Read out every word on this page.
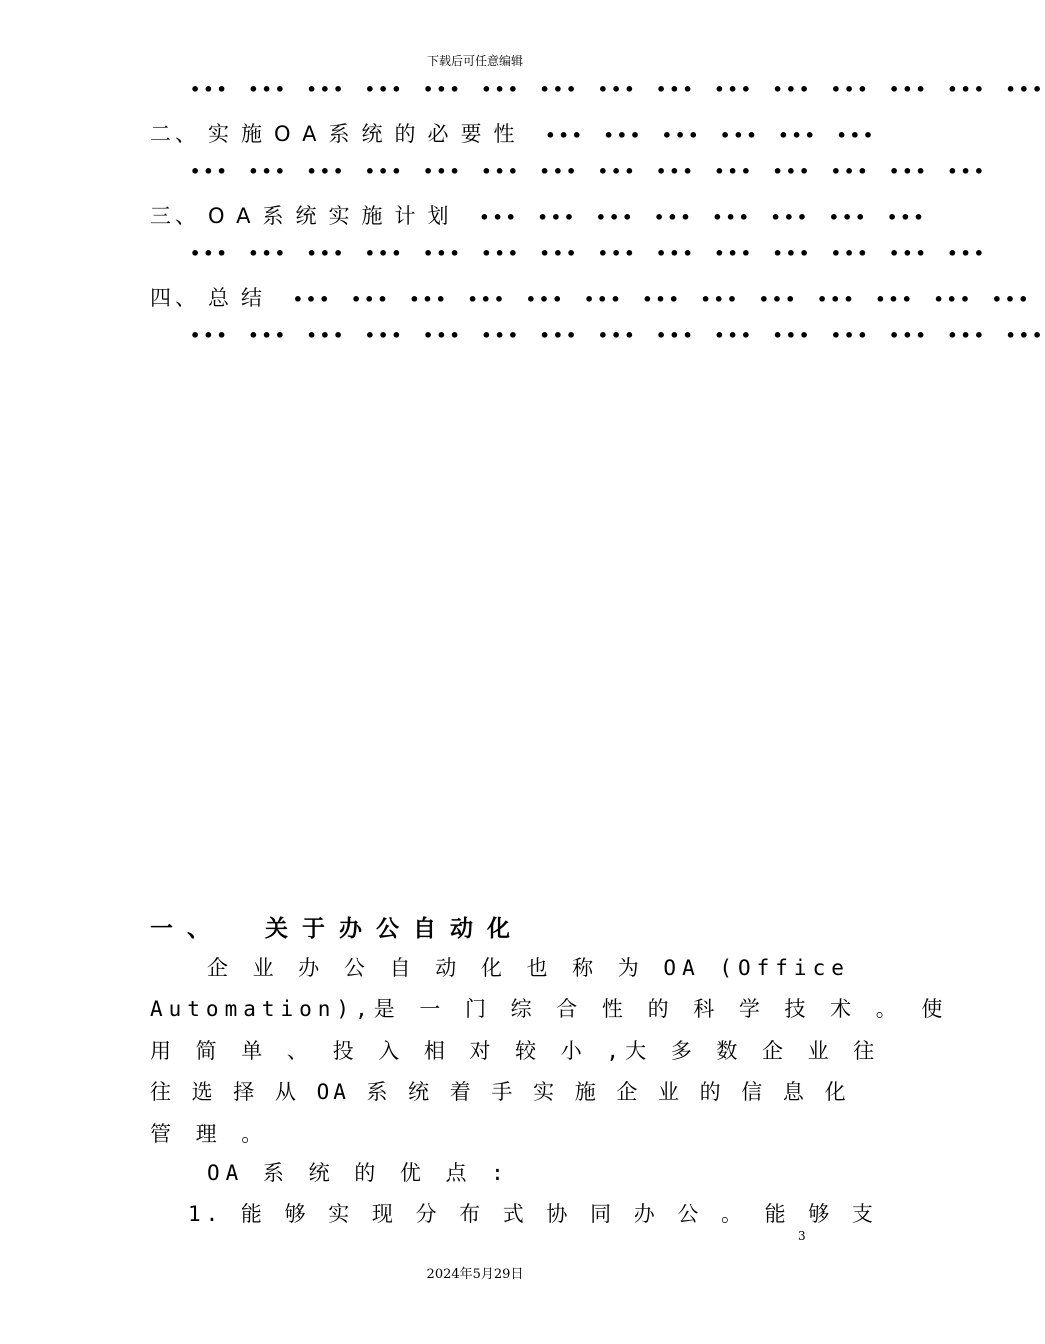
下载后可任意编辑
••• ••• ••• ••• ••• ••• ••• ••• ••• ••• ••• ••• ••• ••• •••
二、 实施OA系统的必要性 ••• ••• ••• ••• ••• •••
••• ••• ••• ••• ••• ••• ••• ••• ••• ••• ••• ••• ••• •••
三、 OA系统实施计划 ••• ••• ••• ••• ••• ••• ••• •••
••• ••• ••• ••• ••• ••• ••• ••• ••• ••• ••• ••• ••• •••
四、 总结 ••• ••• ••• ••• ••• ••• ••• ••• ••• ••• ••• ••• •••
••• ••• ••• ••• ••• ••• ••• ••• ••• ••• ••• ••• ••• ••• •••
一、 关于办公自动化
企 业 办 公 自 动 化 也 称 为 OA (Office
Automation),是 一 门 综 合 性 的 科 学 技 术 。 使
用 简 单 、 投 入 相 对 较 小 ,大 多 数 企 业 往
往 选 择 从 OA 系 统 着 手 实 施 企 业 的 信 息 化
管 理 。
OA 系 统 的 优 点 :
1. 能 够 实 现 分 布 式 协 同 办 公 。 能 够 支
3
2024年5月29日
